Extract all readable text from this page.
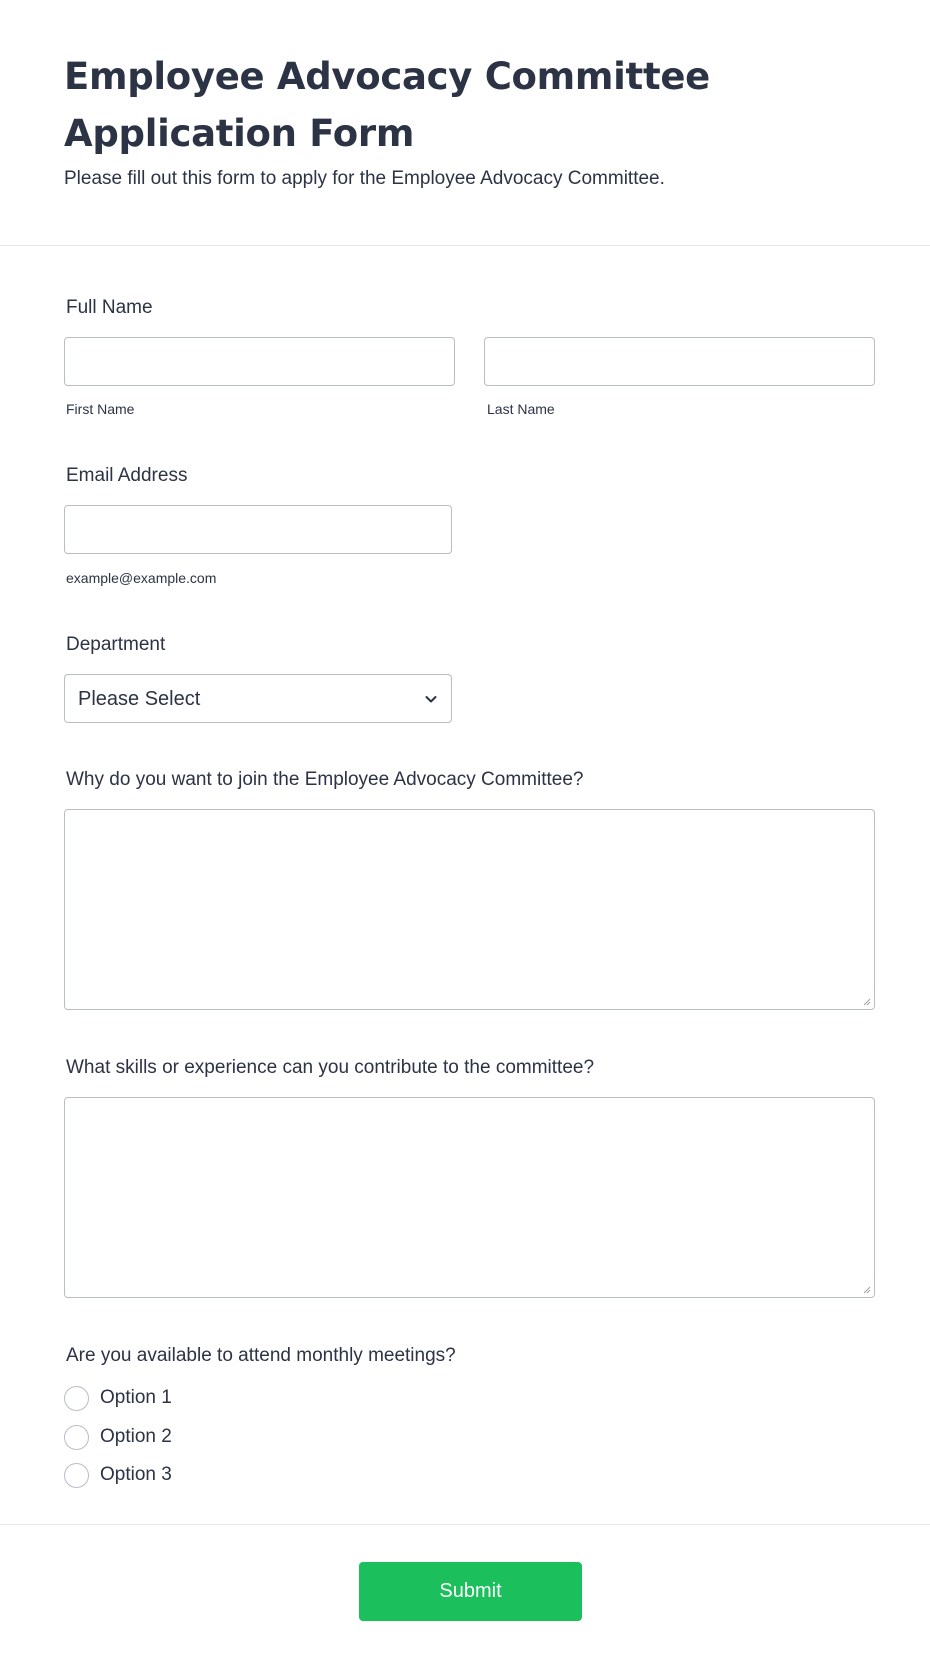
Employee Advocacy Committee Application Form

Please fill out this form to apply for the Employee Advocacy Committee.

Full Name
First Name	Last Name
Email Address
example@example.com
Department
Please Select
Why do you want to join the Employee Advocacy Committee?
What skills or experience can you contribute to the committee?
Are you available to attend monthly meetings?
Option 1
Option 2
Option 3
Submit
